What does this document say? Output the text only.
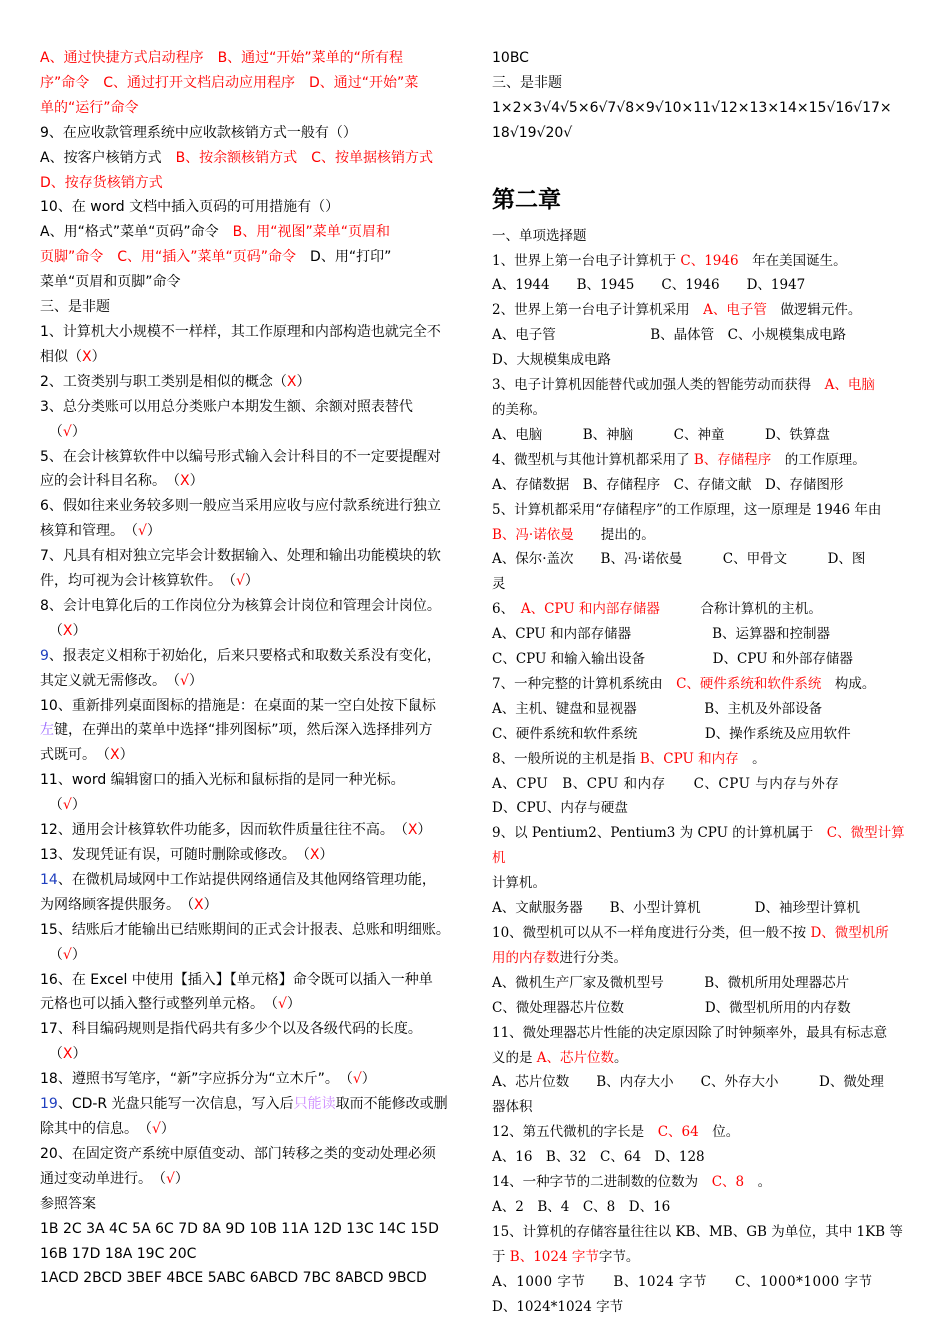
A、通过快捷方式启动程序　B、通过“开始”菜单的“所有程
序”命令　C、通过打开文档启动应用程序　D、通过“开始”菜
单的“运行”命令
9、在应收款管理系统中应收款核销方式一般有（）
A、按客户核销方式　B、按余额核销方式　C、按单据核销方式
D、按存货核销方式
10、在 word 文档中插入页码的可用措施有（）
A、用“格式”菜单“页码”命令　B、用“视图”菜单“页眉和
页脚”命令　C、用“插入”菜单“页码”命令　D、用“打印”
菜单“页眉和页脚”命令
三、是非题
1、计算机大小规模不一样样，其工作原理和内部构造也就完全不
相似（X）
2、工资类别与职工类别是相似的概念（X）
3、总分类账可以用总分类账户本期发生额、余额对照表替代
（√）
5、在会计核算软件中以编号形式输入会计科目的不一定要提醒对
应的会计科目名称。　（X）
6、假如往来业务较多则一般应当采用应收与应付款系统进行独立
核算和管理。　（√）
7、凡具有相对独立完毕会计数据输入、处理和输出功能模块的软
件，均可视为会计核算软件。　（√）
8、会计电算化后的工作岗位分为核算会计岗位和管理会计岗位。
（X）
9、报表定义相称于初始化，后来只要格式和取数关系没有变化，
其定义就无需修改。　（√）
10、重新排列桌面图标的措施是：在桌面的某一空白处按下鼠标
左键，在弹出的菜单中选择“排列图标”项，然后深入选择排列方
式既可。　（X）
11、word 编辑窗口的插入光标和鼠标指的是同一种光标。
（√）
12、通用会计核算软件功能多，因而软件质量往往不高。　（X）
13、发现凭证有误，可随时删除或修改。　（X）
14、在微机局域网中工作站提供网络通信及其他网络管理功能，
为网络顾客提供服务。　（X）
15、结账后才能输出已结账期间的正式会计报表、总账和明细账。
（√）
16、在 Excel 中使用【插入】【单元格】命令既可以插入一种单
元格也可以插入整行或整列单元格。　（√）
17、科目编码规则是指代码共有多少个以及各级代码的长度。
（X）
18、遵照书写笔序，“新”字应拆分为“立木斤”。　（√）
19、CD-R 光盘只能写一次信息，写入后只能读取而不能修改或删
除其中的信息。　（√）
20、在固定资产系统中原值变动、部门转移之类的变动处理必须
通过变动单进行。　（√）
参照答案
1B 2C 3A 4C 5A 6C 7D 8A 9D 10B 11A 12D 13C 14C 15D
16B 17D 18A 19C 20C
1ACD 2BCD 3BEF 4BCE 5ABC 6ABCD 7BC 8ABCD 9BCD
10BC
三、是非题
1×2×3√4√5×6√7√8×9√10×11√12×13×14×15√16√17×
18√19√20√
第二章
一、单项选择题
1、世界上第一台电子计算机于 C、1946　年在美国诞生。
A、1944　　B、1945　　C、1946　　D、1947
2、世界上第一台电子计算机采用　A、电子管　做逻辑元件。
A、电子管　　　　　　　B、晶体管　C、小规模集成电路
D、大规模集成电路
3、电子计算机因能替代或加强人类的智能劳动而获得　A、电脑
的美称。
A、电脑　　　B、神脑　　　C、神童　　　D、铁算盘
4、微型机与其他计算机都采用了 B、存储程序　的工作原理。
A、存储数据　B、存储程序　C、存储文献　D、存储图形
5、计算机都采用“存储程序”的工作原理，这一原理是 1946 年由
B、冯·诺依曼　　提出的。
A、保尔·盖次　　B、冯·诺依曼　　　C、甲骨文　　　D、图
灵
6、　A、CPU 和内部存储器　　　合称计算机的主机。
A、CPU 和内部存储器　　　　　　B、运算器和控制器
C、CPU 和输入输出设备　　　　　D、CPU 和外部存储器
7、一种完整的计算机系统由　C、硬件系统和软件系统　构成。
A、主机、键盘和显视器　　　　　B、主机及外部设备
C、硬件系统和软件系统　　　　　D、操作系统及应用软件
8、一般所说的主机是指 B、CPU 和内存　。
A、CPU　B、CPU 和内存　　C、CPU 与内存与外存
D、CPU、内存与硬盘
9、以 Pentium2、Pentium3 为 CPU 的计算机属于　C、微型计算机
计算机。
A、文献服务器　　B、小型计算机　　　　D、袖珍型计算机
10、微型机可以从不一样角度进行分类，但一般不按 D、微型机所
用的内存数进行分类。
A、微机生产厂家及微机型号　　　B、微机所用处理器芯片
C、微处理器芯片位数　　　　　　D、微型机所用的内存数
11、微处理器芯片性能的决定原因除了时钟频率外，最具有标志意
义的是 A、芯片位数。
A、芯片位数　　B、内存大小　　C、外存大小　　　D、微处理
器体积
12、第五代微机的字长是　C、64　位。
A、16　B、32　C、64　D、128
14、一种字节的二进制数的位数为　C、8　。
A、2　B、4　C、8　D、16
15、计算机的存储容量往往以 KB、MB、GB 为单位，其中 1KB 等
于 B、1024 字节字节。
A、1000 字节　　B、1024 字节　　C、1000*1000 字节
D、1024*1024 字节
